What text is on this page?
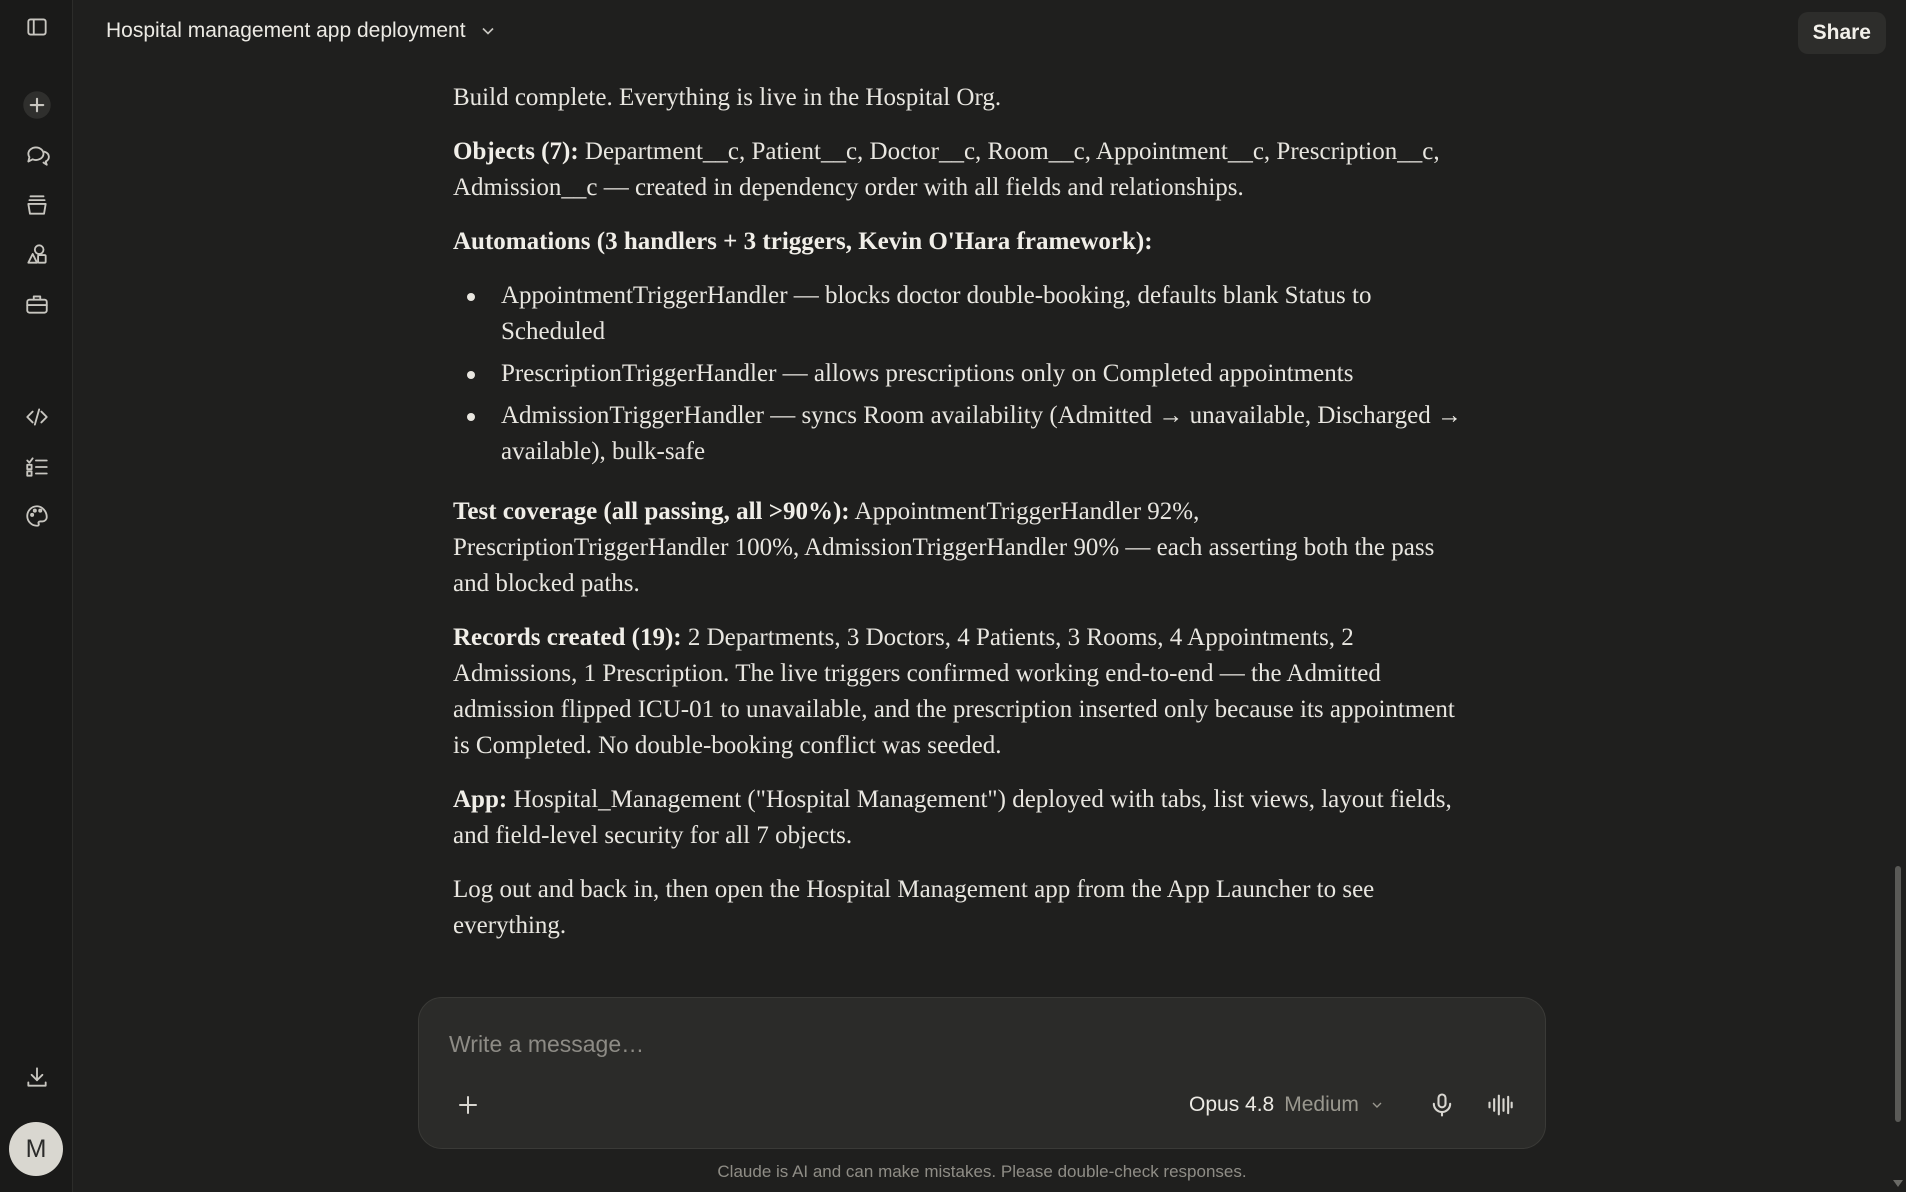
M
Hospital management app deployment	Share

Build complete. Everything is live in the Hospital Org.

Objects (7): Department__c, Patient__c, Doctor__c, Room__c, Appointment__c, Prescription__c, Admission__c — created in dependency order with all fields and relationships.

Automations (3 handlers + 3 triggers, Kevin O'Hara framework):

AppointmentTriggerHandler — blocks doctor double-booking, defaults blank Status to Scheduled
PrescriptionTriggerHandler — allows prescriptions only on Completed appointments
AdmissionTriggerHandler — syncs Room availability (Admitted → unavailable, Discharged → available), bulk-safe

Test coverage (all passing, all >90%): AppointmentTriggerHandler 92%, PrescriptionTriggerHandler 100%, AdmissionTriggerHandler 90% — each asserting both the pass and blocked paths.

Records created (19): 2 Departments, 3 Doctors, 4 Patients, 3 Rooms, 4 Appointments, 2 Admissions, 1 Prescription. The live triggers confirmed working end-to-end — the Admitted admission flipped ICU-01 to unavailable, and the prescription inserted only because its appointment is Completed. No double-booking conflict was seeded.

App: Hospital_Management ("Hospital Management") deployed with tabs, list views, layout fields, and field-level security for all 7 objects.

Log out and back in, then open the Hospital Management app from the App Launcher to see everything.

Write a message…
Opus 4.8 Medium
Claude is AI and can make mistakes. Please double-check responses.
